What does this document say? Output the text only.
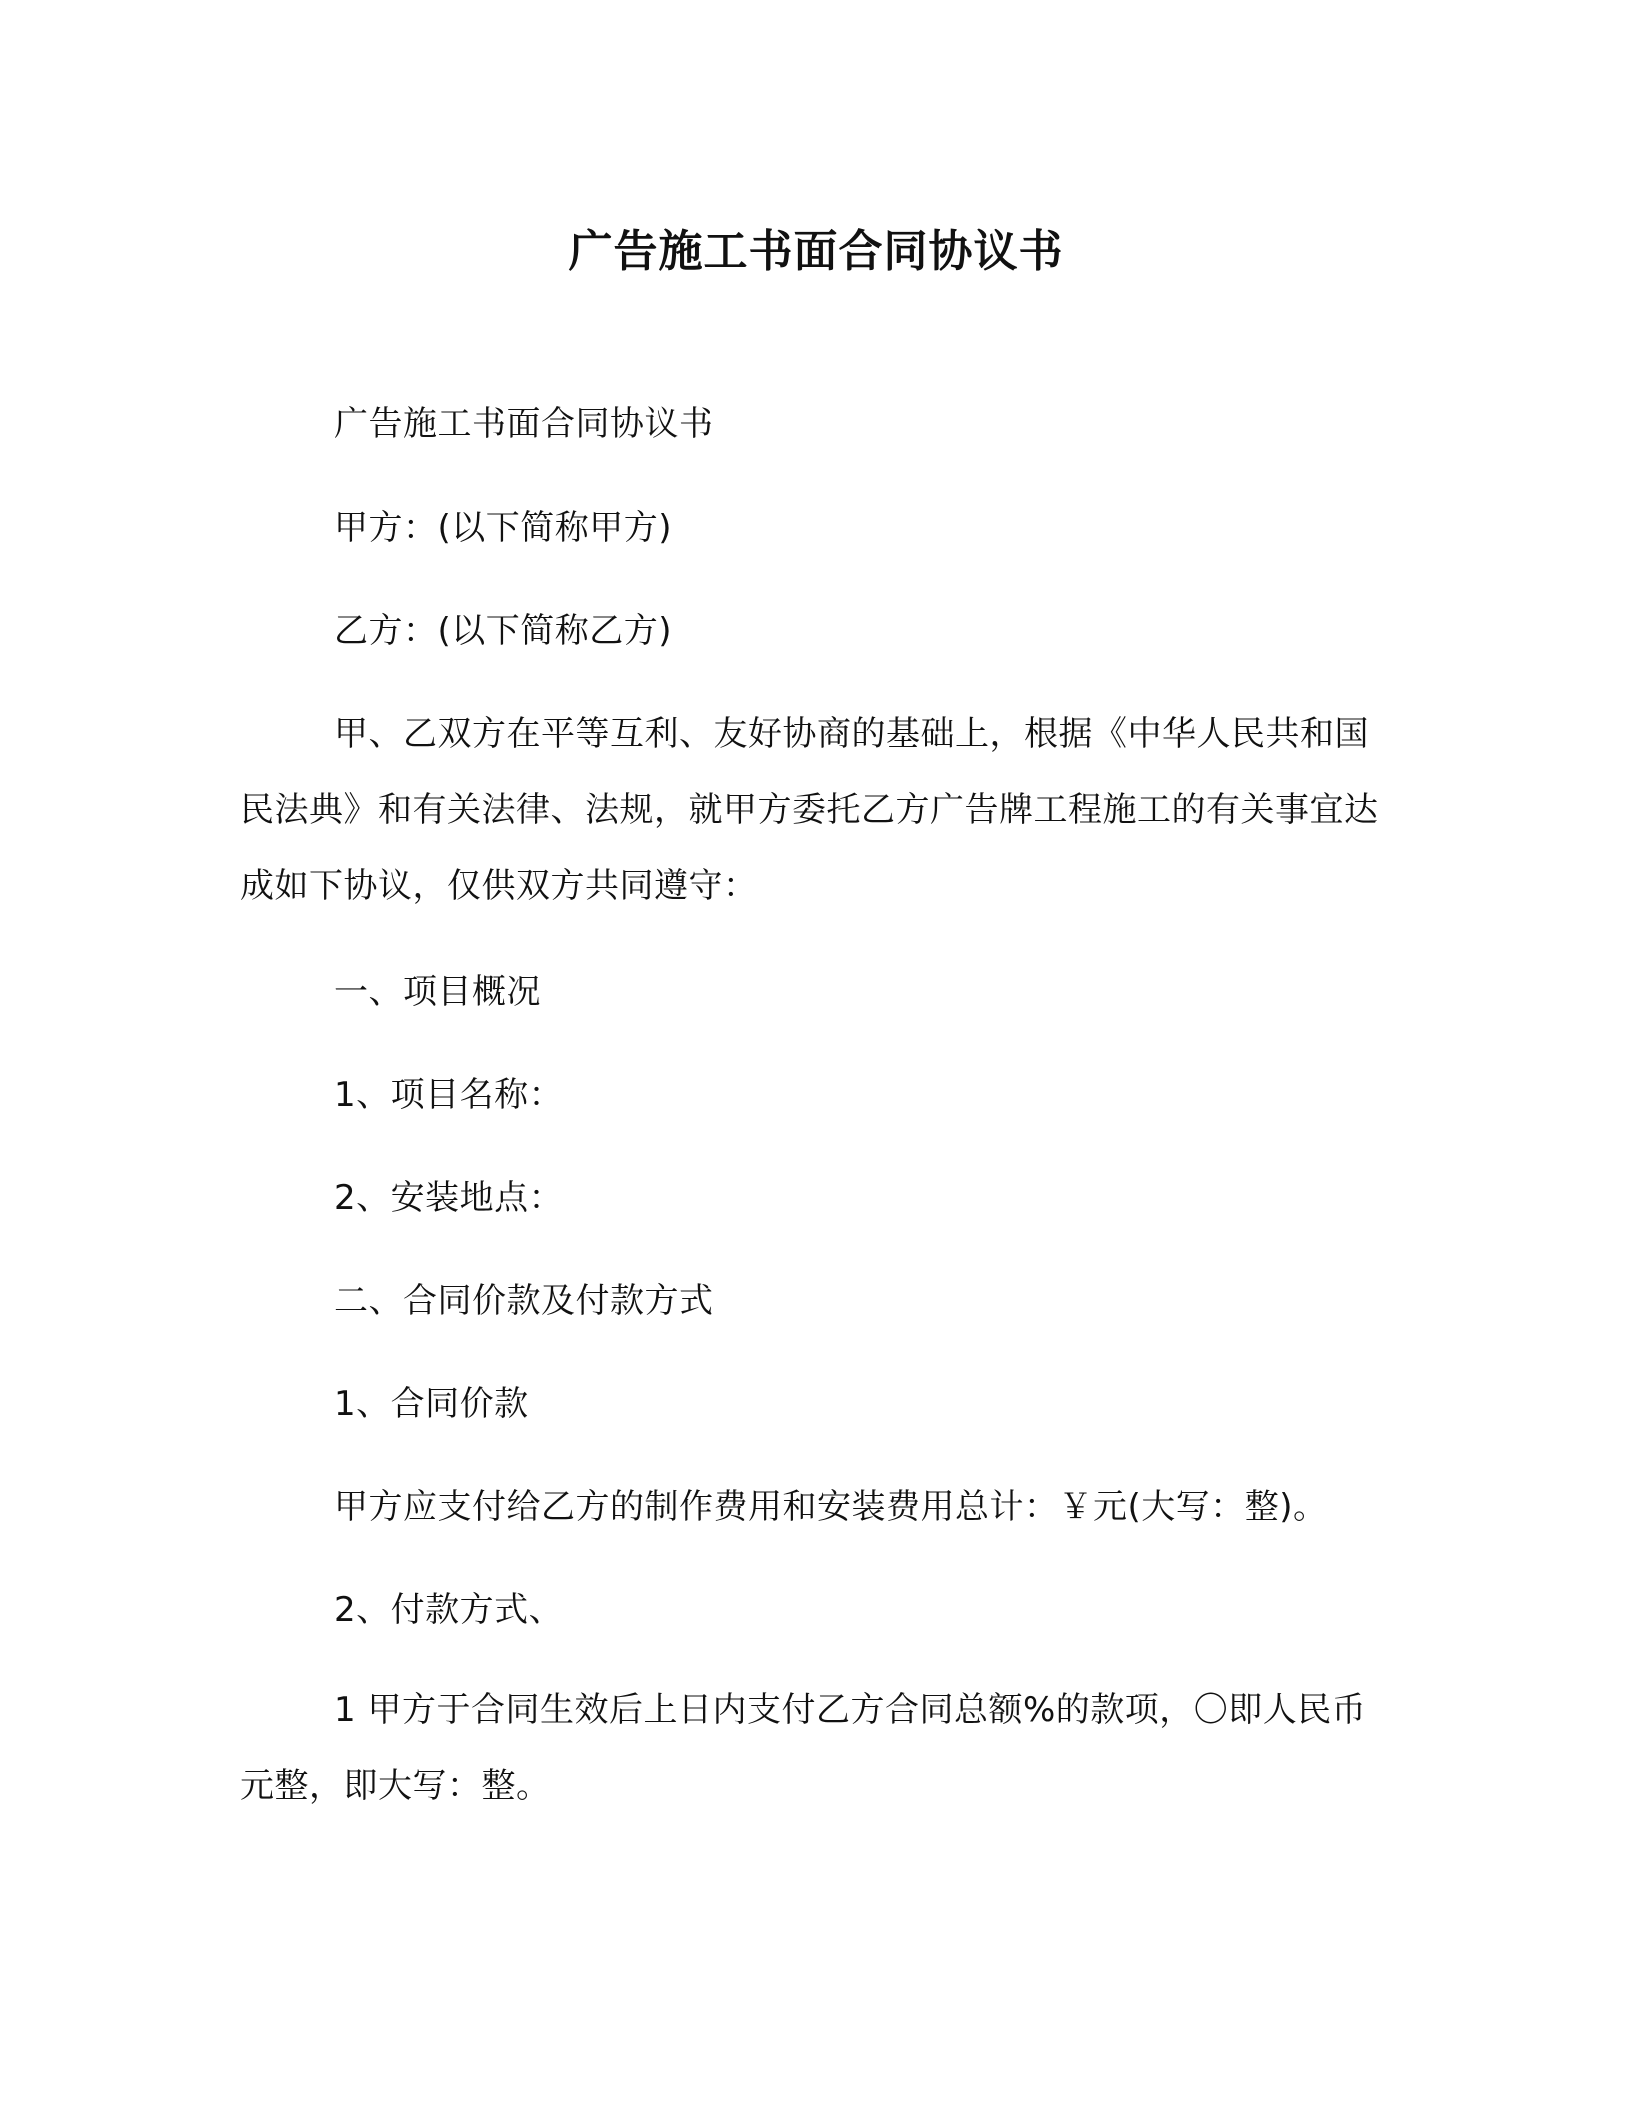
广告施工书面合同协议书
广告施工书面合同协议书
甲方：(以下简称甲方)
乙方：(以下简称乙方)
甲、乙双方在平等互利、友好协商的基础上，根据《中华人民共和国民法典》和有关法律、法规，就甲方委托乙方广告牌工程施工的有关事宜达成如下协议，仅供双方共同遵守：
一、项目概况
1、项目名称：
2、安装地点：
二、合同价款及付款方式
1、合同价款
甲方应支付给乙方的制作费用和安装费用总计：￥元(大写：整)。
2、付款方式、
1 甲方于合同生效后上日内支付乙方合同总额%的款项，〇即人民币元整，即大写：整。
